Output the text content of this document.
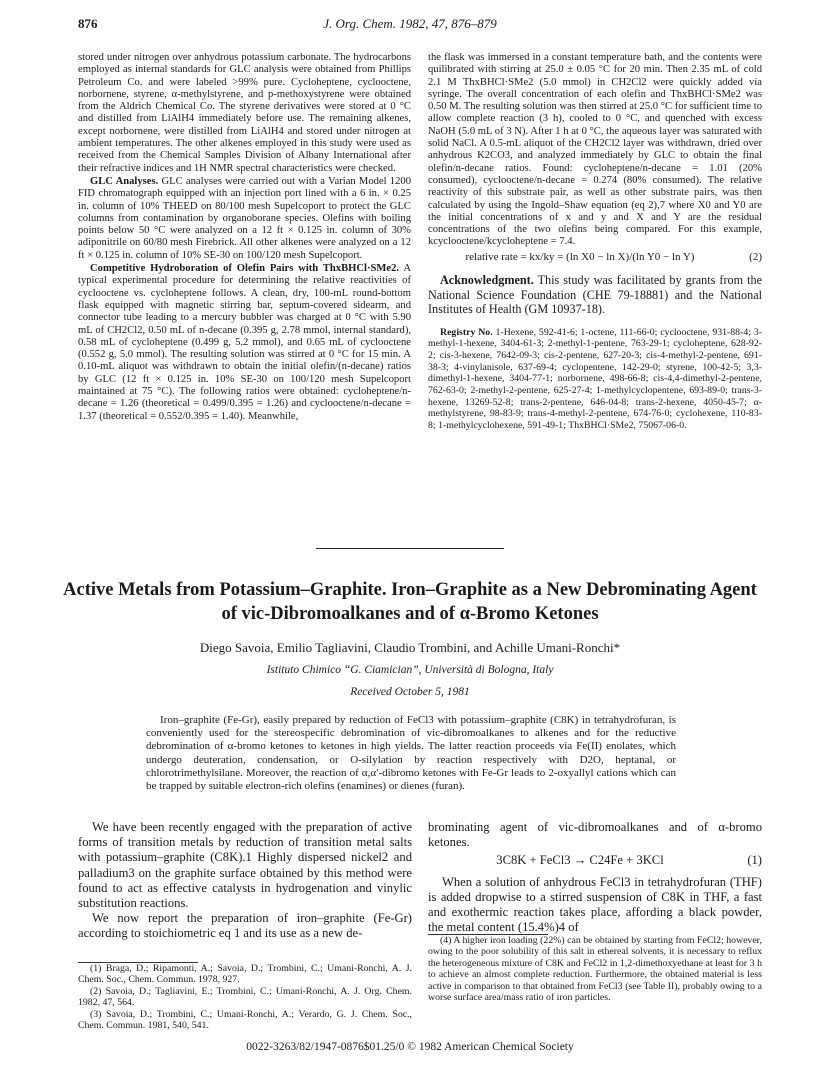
876	J. Org. Chem. 1982, 47, 876–879

stored under nitrogen over anhydrous potassium carbonate. The hydrocarbons employed as internal standards for GLC analysis were obtained from Phillips Petroleum Co. and were labeled >99% pure. Cycloheptene, cyclooctene, norbornene, styrene, α-methylstyrene, and p-methoxystyrene were obtained from the Aldrich Chemical Co. The styrene derivatives were stored at 0 °C and distilled from LiAlH4 immediately before use. The remaining alkenes, except norbornene, were distilled from LiAlH4 and stored under nitrogen at ambient temperatures. The other alkenes employed in this study were used as received from the Chemical Samples Division of Albany International after their refractive indices and 1H NMR spectral characteristics were checked.

GLC Analyses. GLC analyses were carried out with a Varian Model 1200 FID chromatograph equipped with an injection port lined with a 6 in. × 0.25 in. column of 10% THEED on 80/100 mesh Supelcoport to protect the GLC columns from contamination by organoborane species. Olefins with boiling points below 50 °C were analyzed on a 12 ft × 0.125 in. column of 30% adiponitrile on 60/80 mesh Firebrick. All other alkenes were analyzed on a 12 ft × 0.125 in. column of 10% SE-30 on 100/120 mesh Supelcoport.

Competitive Hydroboration of Olefin Pairs with ThxBHCl·SMe2. A typical experimental procedure for determining the relative reactivities of cyclooctene vs. cycloheptene follows. A clean, dry, 100-mL round-bottom flask equipped with magnetic stirring bar, septum-covered sidearm, and connector tube leading to a mercury bubbler was charged at 0 °C with 5.90 mL of CH2Cl2, 0.50 mL of n-decane (0.395 g, 2.78 mmol, internal standard), 0.58 mL of cycloheptene (0.499 g, 5.2 mmol), and 0.65 mL of cyclooctene (0.552 g, 5.0 mmol). The resulting solution was stirred at 0 °C for 15 min. A 0.10-mL aliquot was withdrawn to obtain the initial olefin/(n-decane) ratios by GLC (12 ft × 0.125 in. 10% SE-30 on 100/120 mesh Supelcoport maintained at 75 °C). The following ratios were obtained: cycloheptene/n-decane = 1.26 (theoretical = 0.499/0.395 = 1.26) and cyclooctene/n-decane = 1.37 (theoretical = 0.552/0.395 = 1.40). Meanwhile,

the flask was immersed in a constant temperature bath, and the contents were quilibrated with stirring at 25.0 ± 0.05 °C for 20 min. Then 2.35 mL of cold 2.1 M ThxBHCl·SMe2 (5.0 mmol) in CH2Cl2 were quickly added via syringe. The overall concentration of each olefin and ThxBHCl·SMe2 was 0.50 M. The resulting solution was then stirred at 25.0 °C for sufficient time to allow complete reaction (3 h), cooled to 0 °C, and quenched with excess NaOH (5.0 mL of 3 N). After 1 h at 0 °C, the aqueous layer was saturated with solid NaCl. A 0.5-mL aliquot of the CH2Cl2 layer was withdrawn, dried over anhydrous K2CO3, and analyzed immediately by GLC to obtain the final olefin/n-decane ratios. Found: cycloheptene/n-decane = 1.01 (20% consumed), cyclooctene/n-decane = 0.274 (80% consumed). The relative reactivity of this substrate pair, as well as other substrate pairs, was then calculated by using the Ingold–Shaw equation (eq 2),7 where X0 and Y0 are the initial concentrations of x and y and X and Y are the residual concentrations of the two olefins being compared. For this example, kcyclooctene/kcycloheptene = 7.4.

relative rate = kx/ky = (ln X0 − ln X)/(ln Y0 − ln Y)	(2)

Acknowledgment. This study was facilitated by grants from the National Science Foundation (CHE 79-18881) and the National Institutes of Health (GM 10937-18).

Registry No. 1-Hexene, 592-41-6; 1-octene, 111-66-0; cyclooctene, 931-88-4; 3-methyl-1-hexene, 3404-61-3; 2-methyl-1-pentene, 763-29-1; cycloheptene, 628-92-2; cis-3-hexene, 7642-09-3; cis-2-pentene, 627-20-3; cis-4-methyl-2-pentene, 691-38-3; 4-vinylanisole, 637-69-4; cyclopentene, 142-29-0; styrene, 100-42-5; 3,3-dimethyl-1-hexene, 3404-77-1; norbornene, 498-66-8; cis-4,4-dimethyl-2-pentene, 762-63-0; 2-methyl-2-pentene, 625-27-4; 1-methylcyclopentene, 693-89-0; trans-3-hexene, 13269-52-8; trans-2-pentene, 646-04-8; trans-2-hexene, 4050-45-7; α-methylstyrene, 98-83-9; trans-4-methyl-2-pentene, 674-76-0; cyclohexene, 110-83-8; 1-methylcyclohexene, 591-49-1; ThxBHCl·SMe2, 75067-06-0.

Active Metals from Potassium–Graphite. Iron–Graphite as a New Debrominating Agent of vic-Dibromoalkanes and of α-Bromo Ketones
Diego Savoia, Emilio Tagliavini, Claudio Trombini, and Achille Umani-Ronchi*
Istituto Chimico “G. Ciamician”, Università di Bologna, Italy
Received October 5, 1981
Iron–graphite (Fe-Gr), easily prepared by reduction of FeCl3 with potassium–graphite (C8K) in tetrahydrofuran, is conveniently used for the stereospecific debromination of vic-dibromoalkanes to alkenes and for the reductive debromination of α-bromo ketones to ketones in high yields. The latter reaction proceeds via Fe(II) enolates, which undergo deuteration, condensation, or O-silylation by reaction respectively with D2O, heptanal, or chlorotrimethylsilane. Moreover, the reaction of α,α′-dibromo ketones with Fe-Gr leads to 2-oxyallyl cations which can be trapped by suitable electron-rich olefins (enamines) or dienes (furan).

We have been recently engaged with the preparation of active forms of transition metals by reduction of transition metal salts with potassium–graphite (C8K).1 Highly dispersed nickel2 and palladium3 on the graphite surface obtained by this method were found to act as effective catalysts in hydrogenation and vinylic substitution reactions.

We now report the preparation of iron–graphite (Fe-Gr) according to stoichiometric eq 1 and its use as a new de-

brominating agent of vic-dibromoalkanes and of α-bromo ketones.

3C8K + FeCl3 → C24Fe + 3KCl	(1)

When a solution of anhydrous FeCl3 in tetrahydrofuran (THF) is added dropwise to a stirred suspension of C8K in THF, a fast and exothermic reaction takes place, affording a black powder, the metal content (15.4%)4 of

(1) Braga, D.; Ripamonti, A.; Savoia, D.; Trombini, C.; Umani-Ronchi, A. J. Chem. Soc., Chem. Commun. 1978, 927.

(2) Savoia, D.; Tagliavini, E.; Trombini, C.; Umani-Ronchi, A. J. Org. Chem. 1982, 47, 564.

(3) Savoia, D.; Trombini, C.; Umani-Ronchi, A.; Verardo, G. J. Chem. Soc., Chem. Commun. 1981, 540, 541.

(4) A higher iron loading (22%) can be obtained by starting from FeCl2; however, owing to the poor solubility of this salt in ethereal solvents, it is necessary to reflux the heterogeneous mixture of C8K and FeCl2 in 1,2-dimethoxyethane at least for 3 h to achieve an almost complete reduction. Furthermore, the obtained material is less active in comparison to that obtained from FeCl3 (see Table II), probably owing to a worse surface area/mass ratio of iron particles.

0022-3263/82/1947-0876$01.25/0 © 1982 American Chemical Society
